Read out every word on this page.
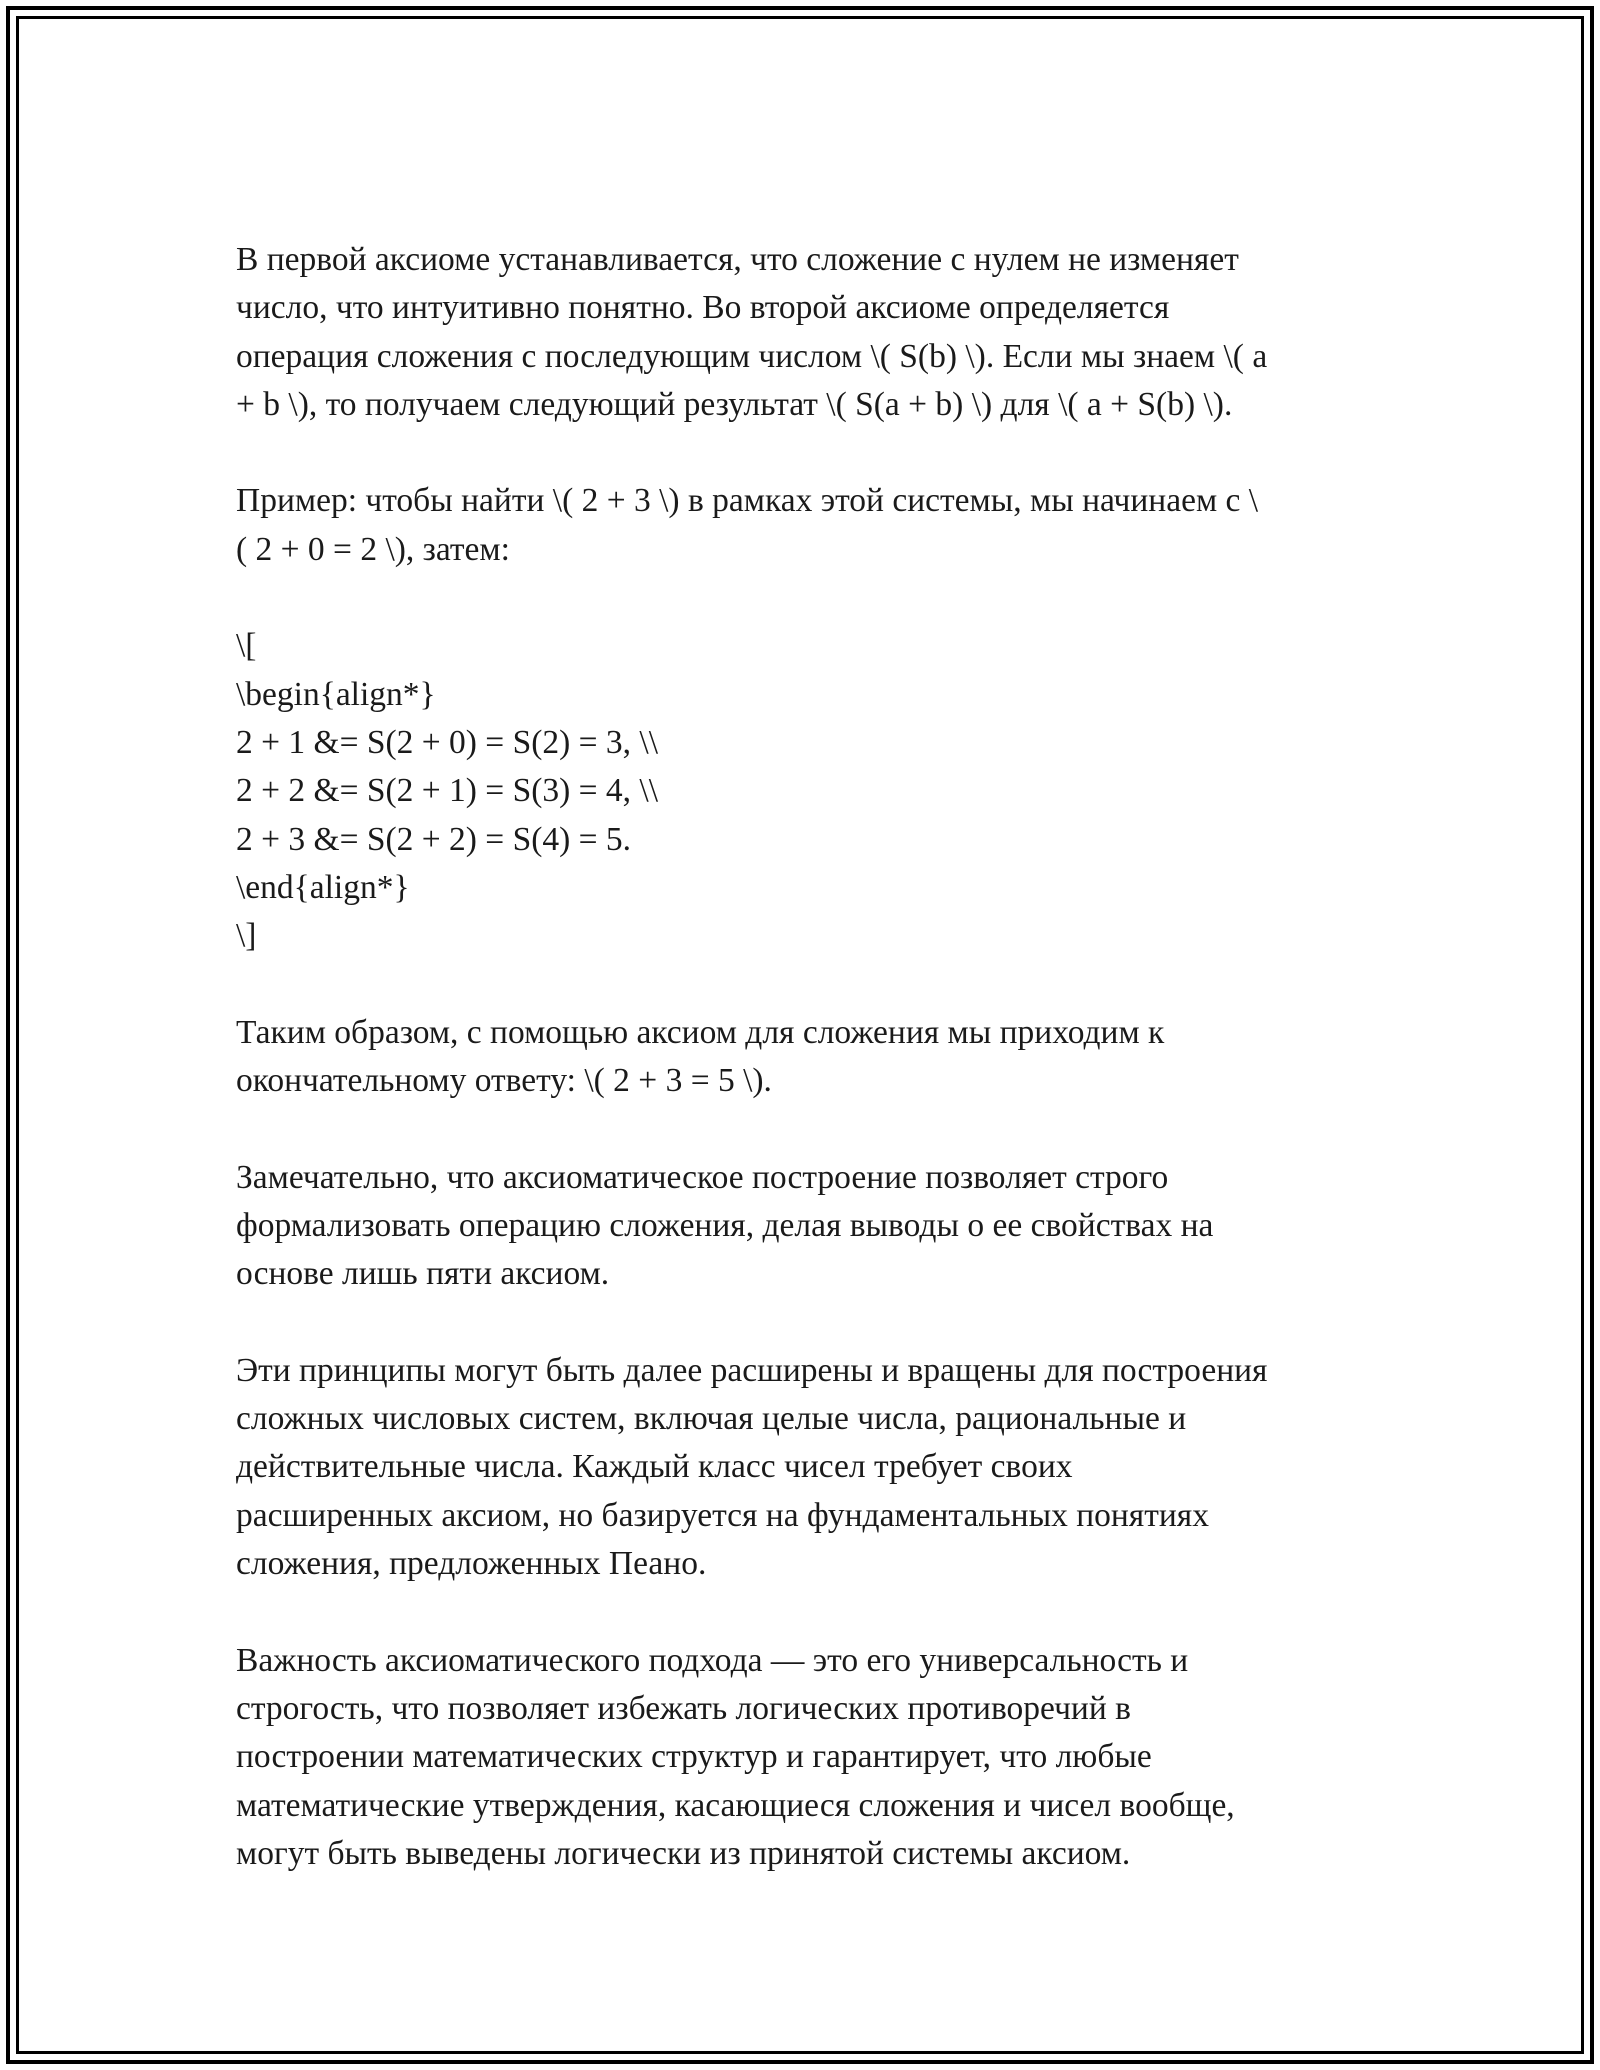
В первой аксиоме устанавливается, что сложение с нулем не изменяет
число, что интуитивно понятно. Во второй аксиоме определяется
операция сложения с последующим числом \( S(b) \). Если мы знаем \( a
+ b \), то получаем следующий результат \( S(a + b) \) для \( a + S(b) \).

Пример: чтобы найти \( 2 + 3 \) в рамках этой системы, мы начинаем с \
( 2 + 0 = 2 \), затем:

\[
\begin{align*}
2 + 1 &= S(2 + 0) = S(2) = 3, \\
2 + 2 &= S(2 + 1) = S(3) = 4, \\
2 + 3 &= S(2 + 2) = S(4) = 5.
\end{align*}
\]

Таким образом, с помощью аксиом для сложения мы приходим к
окончательному ответу: \( 2 + 3 = 5 \).

Замечательно, что аксиоматическое построение позволяет строго
формализовать операцию сложения, делая выводы о ее свойствах на
основе лишь пяти аксиом.

Эти принципы могут быть далее расширены и вращены для построения
сложных числовых систем, включая целые числа, рациональные и
действительные числа. Каждый класс чисел требует своих
расширенных аксиом, но базируется на фундаментальных понятиях
сложения, предложенных Пеано.

Важность аксиоматического подхода — это его универсальность и
строгость, что позволяет избежать логических противоречий в
построении математических структур и гарантирует, что любые
математические утверждения, касающиеся сложения и чисел вообще,
могут быть выведены логически из принятой системы аксиом.
